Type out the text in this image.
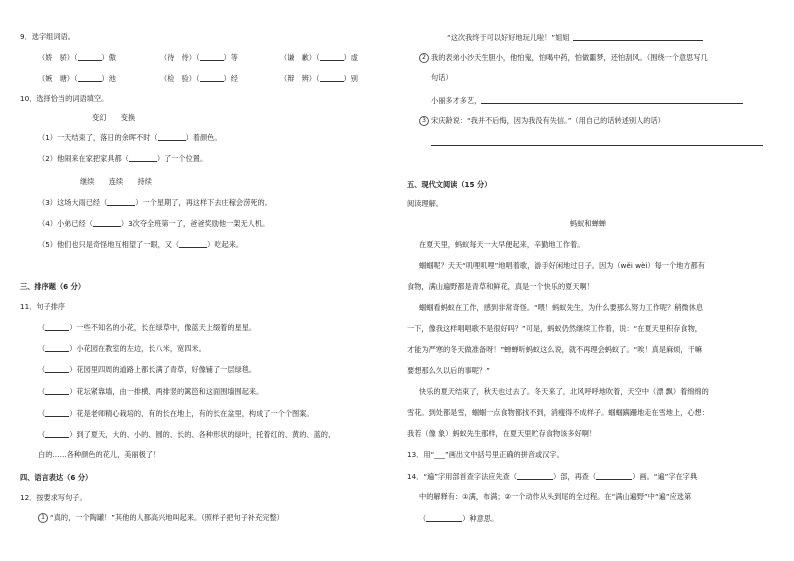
9．选字组词语。
（娇　骄）（	）傲	（待　侍）（	）等	（谦　歉）（	）虚
（嫉　塘）（	）池	（检　验）（	）经	（辩　辨）（	）别
10．选择恰当的词语填空。
变幻　　变换
（1）一天结束了，落日的余晖不时（	）着颜色。
（2）他闹来在家把家具都（	）了一个位置。
继续　　连续　　持续
（3）这场大雨已经（	）一个星期了，再这样下去庄稼会涝死的。
（4）小弟已经（	）3次夺全班第一了，爸爸奖励他一架无人机。
（5）他们也只是奇怪地互相望了一眼，又（	）吃起来。
三、排序题（6 分）
11．句子排序
（	）一些不知名的小花，长在绿草中，像蓝天上缀着的星星。
（	）小花园在教室的左边，长八米，宽四米。
（	）花园里四周的道路上都长满了青草，好像铺了一层绿毯。
（	）花坛紧靠墙，由一排横、两排竖的篱笆和这面围墙围起来。
（	）花是老师精心栽培的，有的长在地上，有的长在盆里，构成了一个个图案。
（	）到了夏天，大的、小的、圆的、长的、各种形状的绿叶，托着红的、黄的、蓝的、
白的……各种颜色的花儿，美丽极了！
四、语言表达（6 分）
12．按要求写句子。
1 “真的，一个陶罐！”其他的人都高兴地叫起来。（照样子把句子补充完整）
“这次我终于可以好好地玩儿啦！”姐姐
2 我的表弟小沙天生胆小，他怕鬼，怕喝中药，怕做噩梦，还怕刮风。（围绕一个意思写几
句话）
小丽多才多艺，
3 宋庆龄说：“我并不后悔，因为我没有失信。”（用自己的话转述别人的话）
五、现代文阅读（15 分）
阅读理解。
蚂蚁和蝉蝉
在夏天里，蚂蚁每天一大早便起来，辛勤地工作着。
蝈蝈呢？天天“叽哩叽哩”地唱着歌，游手好闲地过日子。因为（wěi wèi）每一个地方都有
食物，满山遍野都是青草和鲜花，真是一个快乐的夏天啊！
蝈蝈看蚂蚁在工作，感到非常奇怪。“喂！蚂蚁先生，为什么要那么努力工作呢？稍微休息
一下，像我这样唱唱歌不是很好吗？”可是，蚂蚁仍然继续工作着，说：“在夏天里积存食物，
才能为严寒的冬天做准备呀！”蝉蝉听蚂蚁这么说，就不再理会蚂蚁了。“唉！真是麻烦，干嘛
要想那么久以后的事呢？”
快乐的夏天结束了，秋天也过去了。冬天来了，北风呼呼地吹着，天空中（漂 飘）着绵绵的
雪花。到处都是雪，蝈蝈一点食物都找不到，消瘦得不成样子。蝈蝈蹒跚地走在雪地上，心想：
我若（像 象）蚂蚁先生那样，在夏天里贮存食物该多好啊！
13．用“___”画出文中括号里正确的拼音或汉字。
14．“遍”字用部首查字法应先查（	）部，再查（	）画。“遍”字在字典
中的解释有：①满，布满；②一个动作从头到尾的全过程。在“满山遍野”中“遍”应选第
（	）种意思。
